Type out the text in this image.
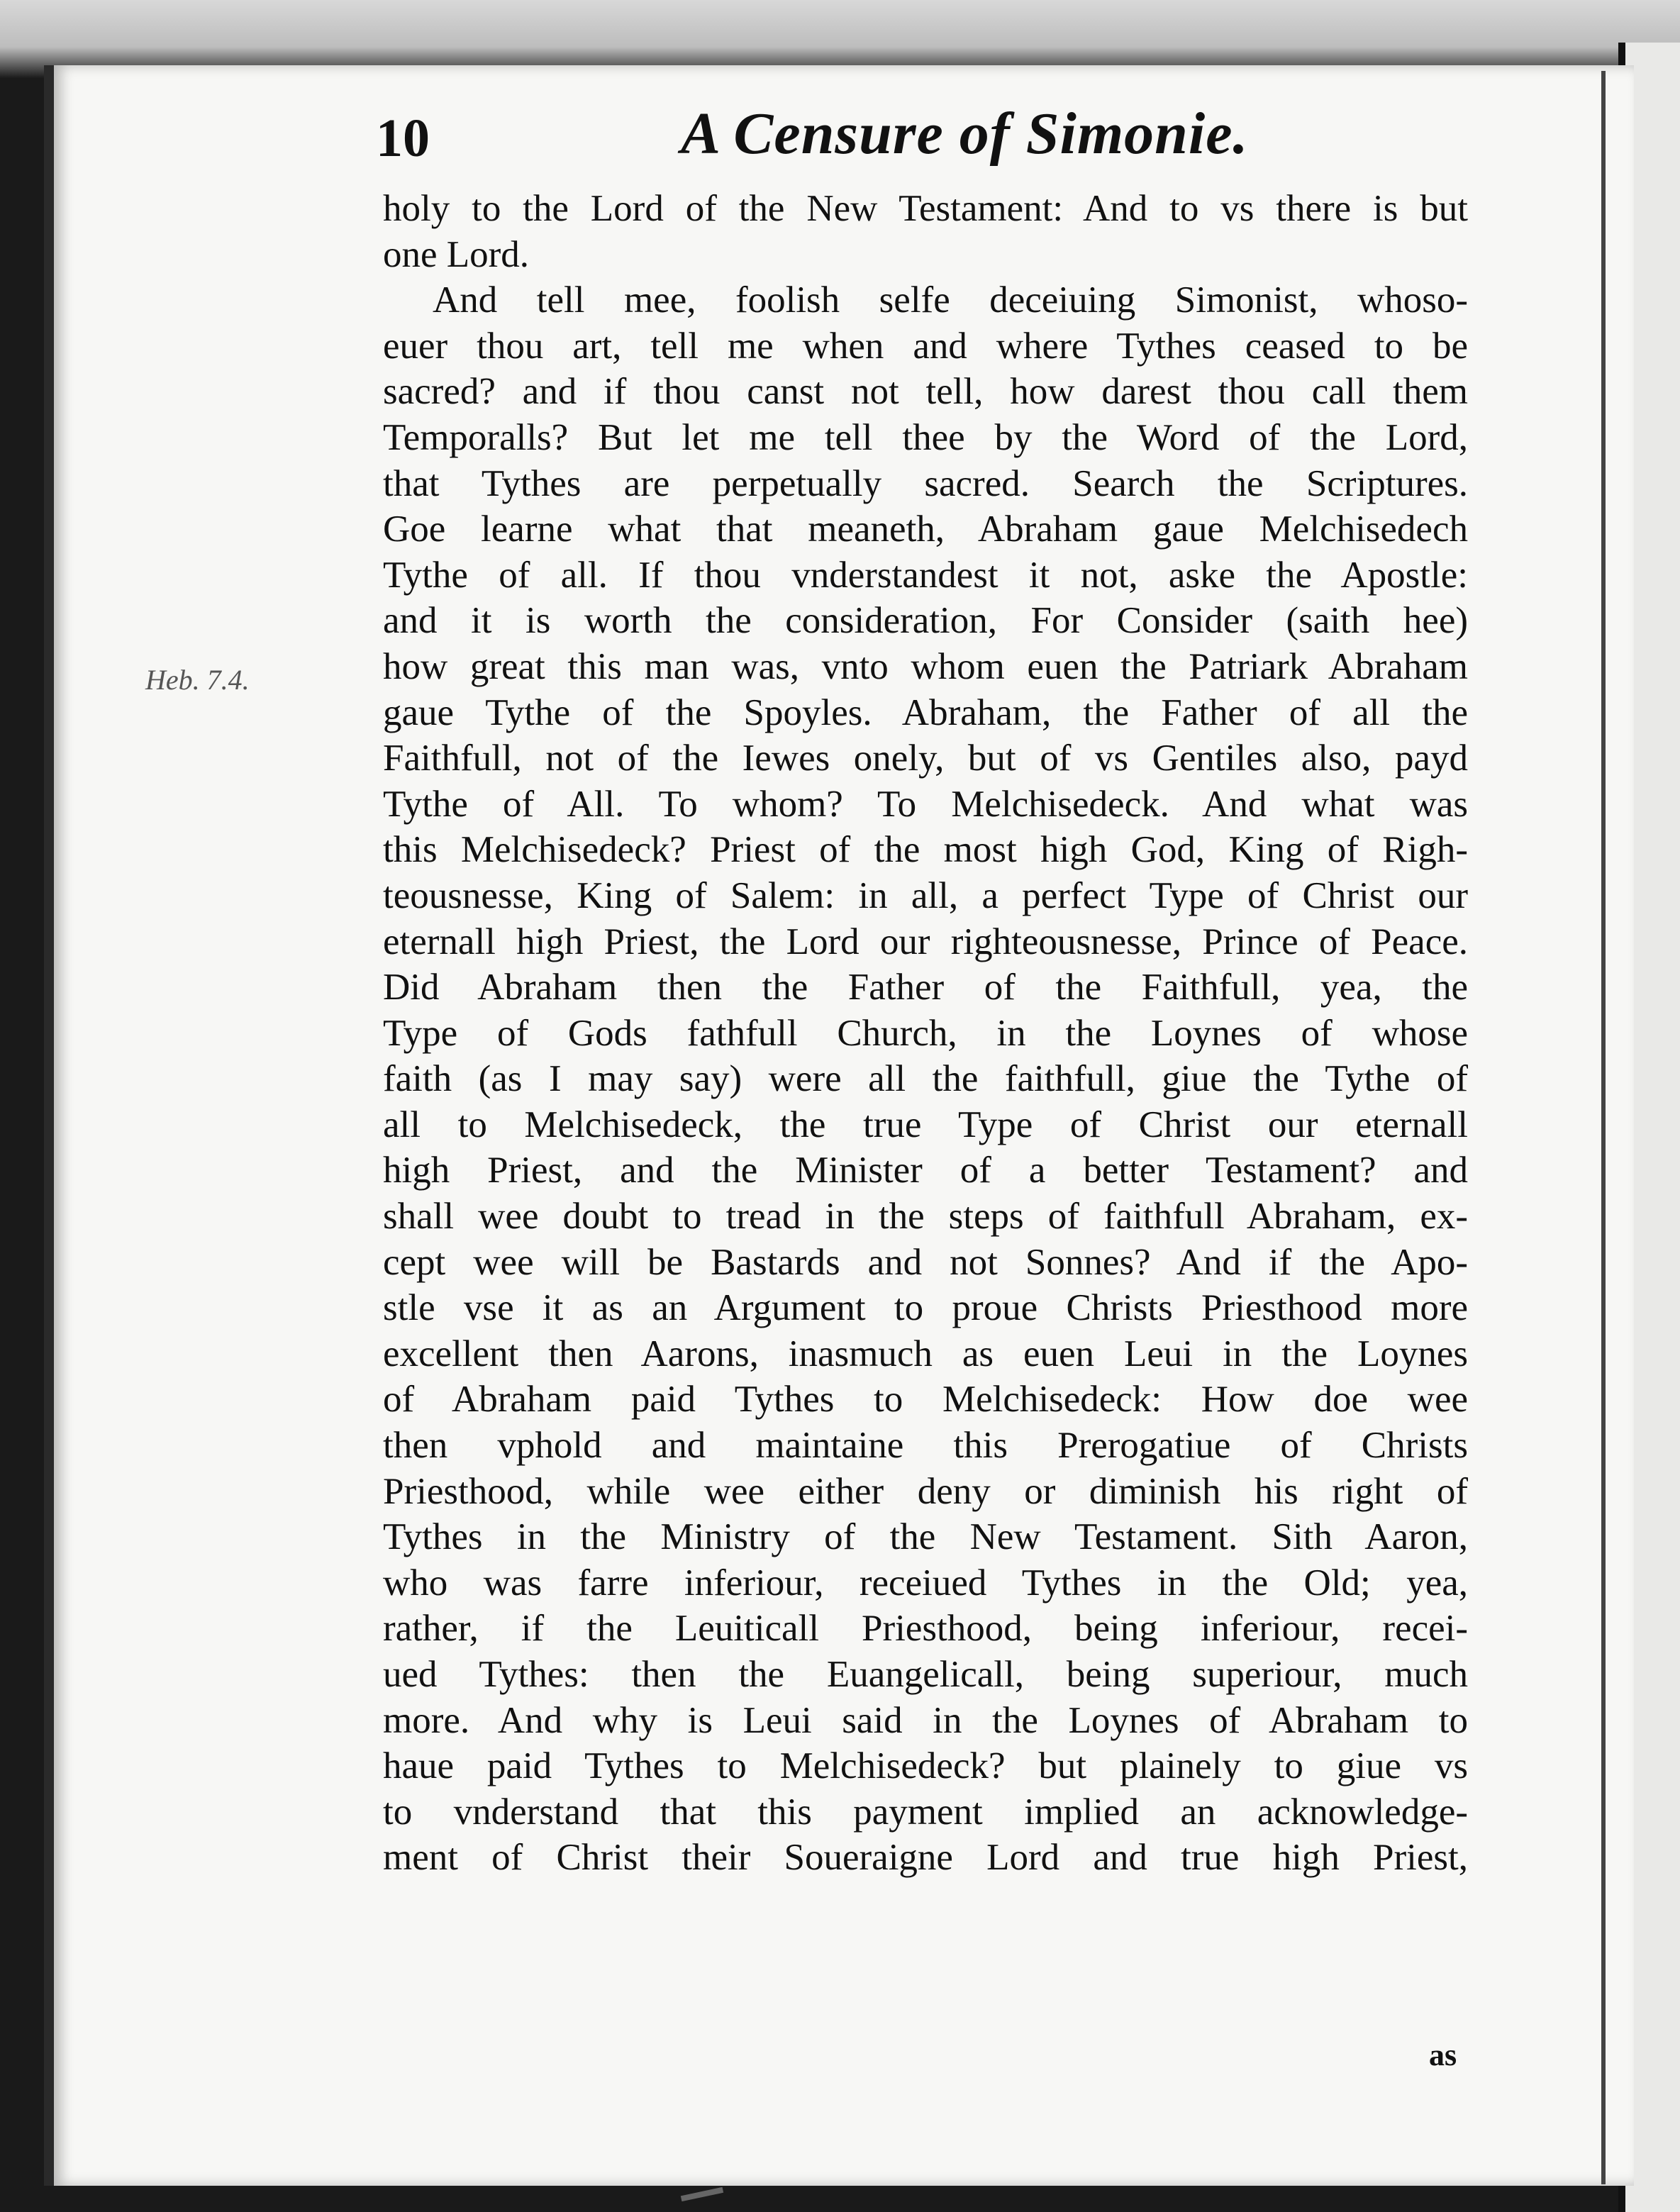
10	A Censure of Simonie.
Heb. 7.4.
holy to the Lord of the New Testament: And to vs there is but
one Lord.
And tell mee, foolish selfe deceiuing Simonist, whoso-
euer thou art, tell me when and where Tythes ceased to be
sacred? and if thou canst not tell, how darest thou call them
Temporalls? But let me tell thee by the Word of the Lord,
that Tythes are perpetually sacred. Search the Scriptures.
Goe learne what that meaneth, Abraham gaue Melchisedech
Tythe of all. If thou vnderstandest it not, aske the Apostle:
and it is worth the consideration, For Consider (saith hee)
how great this man was, vnto whom euen the Patriark Abraham
gaue Tythe of the Spoyles. Abraham, the Father of all the
Faithfull, not of the Iewes onely, but of vs Gentiles also, payd
Tythe of All. To whom? To Melchisedeck. And what was
this Melchisedeck? Priest of the most high God, King of Righ-
teousnesse, King of Salem: in all, a perfect Type of Christ our
eternall high Priest, the Lord our righteousnesse, Prince of Peace.
Did Abraham then the Father of the Faithfull, yea, the
Type of Gods fathfull Church, in the Loynes of whose
faith (as I may say) were all the faithfull, giue the Tythe of
all to Melchisedeck, the true Type of Christ our eternall
high Priest, and the Minister of a better Testament? and
shall wee doubt to tread in the steps of faithfull Abraham, ex-
cept wee will be Bastards and not Sonnes? And if the Apo-
stle vse it as an Argument to proue Christs Priesthood more
excellent then Aarons, inasmuch as euen Leui in the Loynes
of Abraham paid Tythes to Melchisedeck: How doe wee
then vphold and maintaine this Prerogatiue of Christs
Priesthood, while wee either deny or diminish his right of
Tythes in the Ministry of the New Testament. Sith Aaron,
who was farre inferiour, receiued Tythes in the Old; yea,
rather, if the Leuiticall Priesthood, being inferiour, recei-
ued Tythes: then the Euangelicall, being superiour, much
more. And why is Leui said in the Loynes of Abraham to
haue paid Tythes to Melchisedeck? but plainely to giue vs
to vnderstand that this payment implied an acknowledge-
ment of Christ their Soueraigne Lord and true high Priest,
as
